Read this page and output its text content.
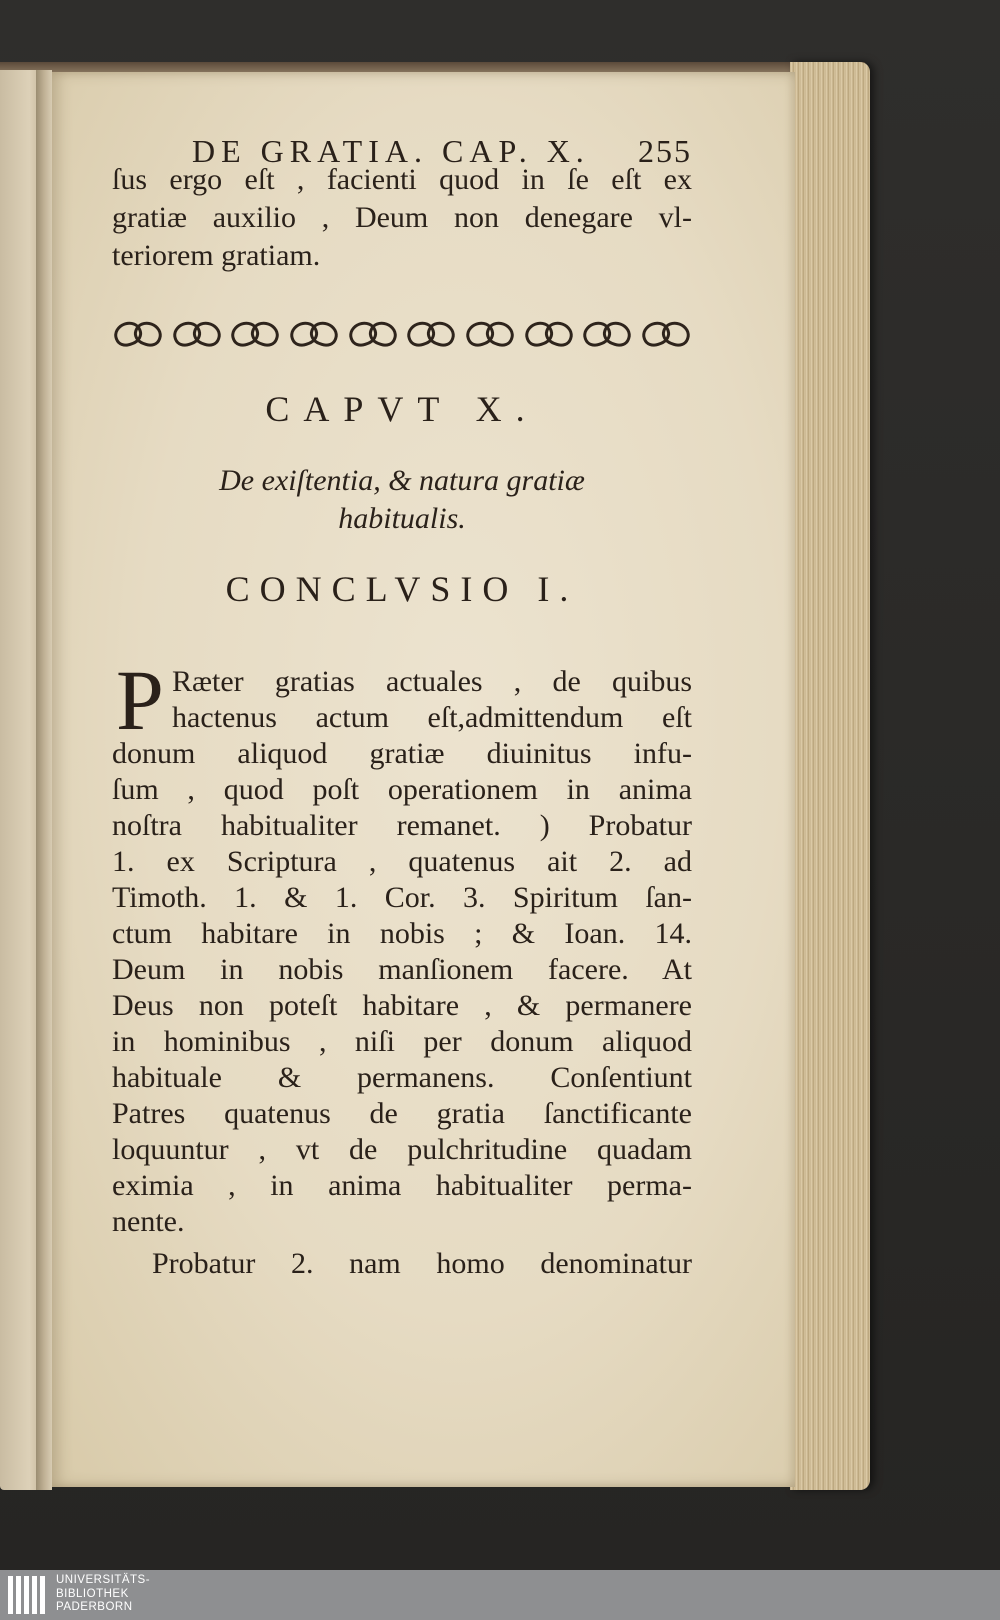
DE GRATIA. CAP. X. 255
ſus ergo eſt , facienti quod in ſe eſt ex
gratiæ auxilio , Deum non denegare vl-
teriorem gratiam.
CAPVT X.
De exiſtentia, & natura gratiæ
habitualis.
CONCLVSIO I.
P Ræter gratias actuales , de quibus
hactenus actum eſt,admittendum eſt
donum aliquod gratiæ diuinitus infu-
ſum , quod poſt operationem in anima
noſtra habitualiter remanet. ) Probatur
1. ex Scriptura , quatenus ait 2. ad
Timoth. 1. & 1. Cor. 3. Spiritum ſan-
ctum habitare in nobis ; & Ioan. 14.
Deum in nobis manſionem facere. At
Deus non poteſt habitare , & permanere
in hominibus , niſi per donum aliquod
habituale & permanens. Conſentiunt
Patres quatenus de gratia ſanctificante
loquuntur , vt de pulchritudine quadam
eximia , in anima habitualiter perma-
nente.
Probatur 2. nam homo denominatur
UNIVERSITÄTS-
BIBLIOTHEK
PADERBORN
